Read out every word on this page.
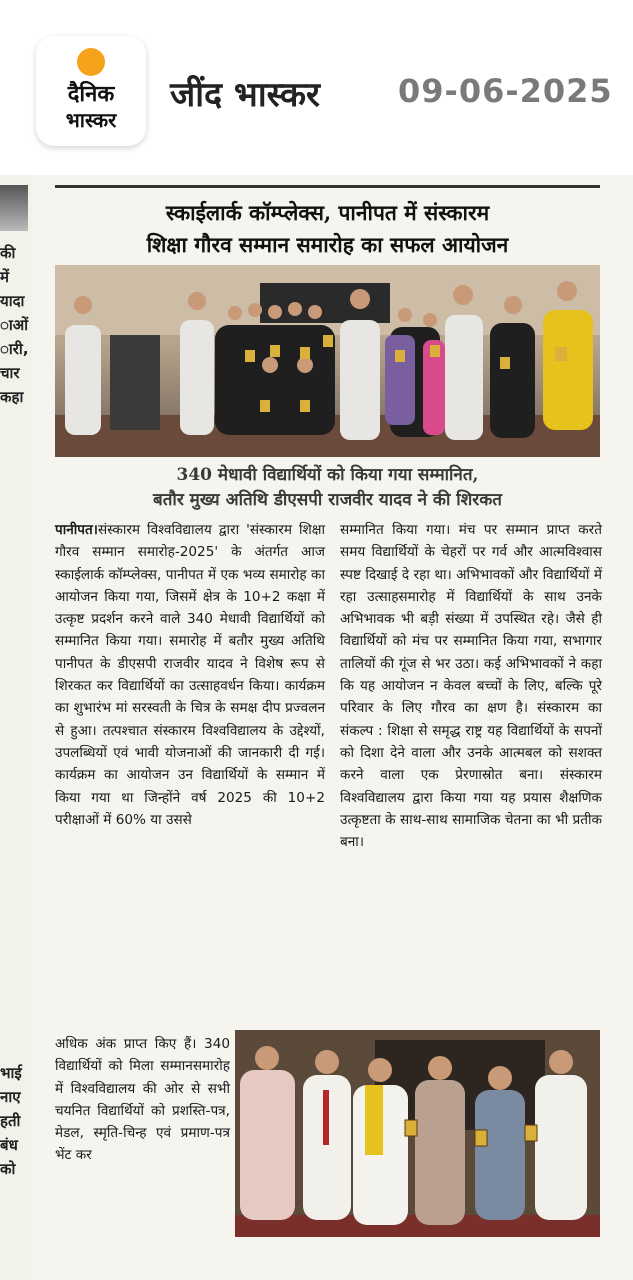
दैनिक
भास्कर
जींद भास्कर 09-06-2025
की
में
यादा
ाओं
ारी,
चार
कहा
भाई
नाए
हती
बंध
को
स्काईलार्क कॉम्प्लेक्स, पानीपत में संस्कारम
शिक्षा गौरव सम्मान समारोह का सफल आयोजन
340 मेधावी विद्यार्थियों को किया गया सम्मानित,
बतौर मुख्य अतिथि डीएसपी राजवीर यादव ने की शिरकत
पानीपत।संस्कारम विश्वविद्यालय द्वारा 'संस्कारम शिक्षा गौरव सम्मान समारोह-2025' के अंतर्गत आज स्काईलार्क कॉम्प्लेक्स, पानीपत में एक भव्य समारोह का आयोजन किया गया, जिसमें क्षेत्र के 10+2 कक्षा में उत्कृष्ट प्रदर्शन करने वाले 340 मेधावी विद्यार्थियों को सम्मानित किया गया। समारोह में बतौर मुख्य अतिथि पानीपत के डीएसपी राजवीर यादव ने विशेष रूप से शिरकत कर विद्यार्थियों का उत्साहवर्धन किया। कार्यक्रम का शुभारंभ मां सरस्वती के चित्र के समक्ष दीप प्रज्वलन से हुआ। तत्पश्चात संस्कारम विश्वविद्यालय के उद्देश्यों, उपलब्धियों एवं भावी योजनाओं की जानकारी दी गई। कार्यक्रम का आयोजन उन विद्यार्थियों के सम्मान में किया गया था जिन्होंने वर्ष 2025 की 10+2 परीक्षाओं में 60% या उससे
सम्मानित किया गया। मंच पर सम्मान प्राप्त करते समय विद्यार्थियों के चेहरों पर गर्व और आत्मविश्वास स्पष्ट दिखाई दे रहा था। अभिभावकों और विद्यार्थियों में रहा उत्साहसमारोह में विद्यार्थियों के साथ उनके अभिभावक भी बड़ी संख्या में उपस्थित रहे। जैसे ही विद्यार्थियों को मंच पर सम्मानित किया गया, सभागार तालियों की गूंज से भर उठा। कई अभिभावकों ने कहा कि यह आयोजन न केवल बच्चों के लिए, बल्कि पूरे परिवार के लिए गौरव का क्षण है। संस्कारम का संकल्प : शिक्षा से समृद्ध राष्ट्र यह विद्यार्थियों के सपनों को दिशा देने वाला और उनके आत्मबल को सशक्त करने वाला एक प्रेरणास्रोत बना। संस्कारम विश्वविद्यालय द्वारा किया गया यह प्रयास शैक्षणिक उत्कृष्टता के साथ-साथ सामाजिक चेतना का भी प्रतीक बना।
अधिक अंक प्राप्त किए हैं। 340 विद्यार्थियों को मिला सम्मानसमारोह में विश्वविद्यालय की ओर से सभी चयनित विद्यार्थियों को प्रशस्ति-पत्र, मेडल, स्मृति-चिन्ह एवं प्रमाण-पत्र भेंट कर
